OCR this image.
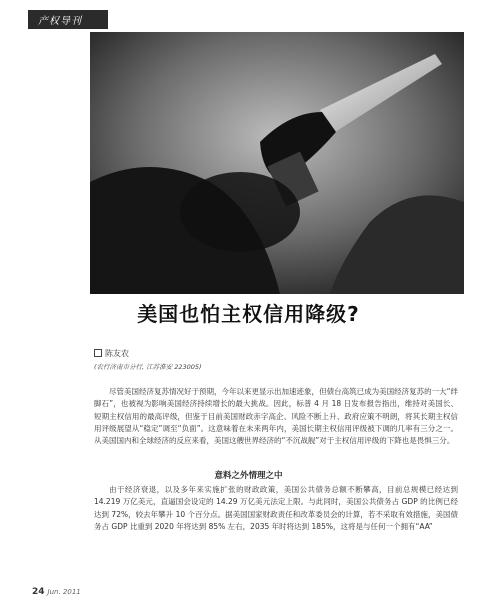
产权导刊
美国也怕主权信用降级?
陈友农
(农行济南市分行, 江苏淮安 223005)
尽管美国经济复苏情况好于预期，今年以来更显示出加速迹象，但债台高筑已成为美国经济复苏的一大“绊脚石”，也被视为影响美国经济持续增长的最大挑战。因此，标普 4 月 18 日发布报告指出，维持对美国长、短期主权信用的最高评级，但鉴于目前美国财政赤字高企、风险不断上升、政府应策不明朗，将其长期主权信用评级展望从“稳定”调至“负面”。这意味着在未来两年内，美国长期主权信用评级被下调的几率有三分之一。从美国国内和全球经济的反应来看，美国这艘世界经济的“不沉战舰”对于主权信用评级的下降也是畏惧三分。
意料之外情理之中
由于经济衰退，以及多年来实施扩张的财政政策，美国公共债务总额不断攀高，目前总规模已经达到 14.219 万亿美元，直逼国会设定的 14.29 万亿美元法定上限。与此同时，美国公共债务占 GDP 的比例已经达到 72%，较去年攀升 10 个百分点。据美国国家财政责任和改革委员会的计算，若不采取有效措施，美国债务占 GDP 比重到 2020 年将达到 85% 左右，2035 年时将达到 185%，这将是与任何一个拥有“AA”
24 Jun. 2011
